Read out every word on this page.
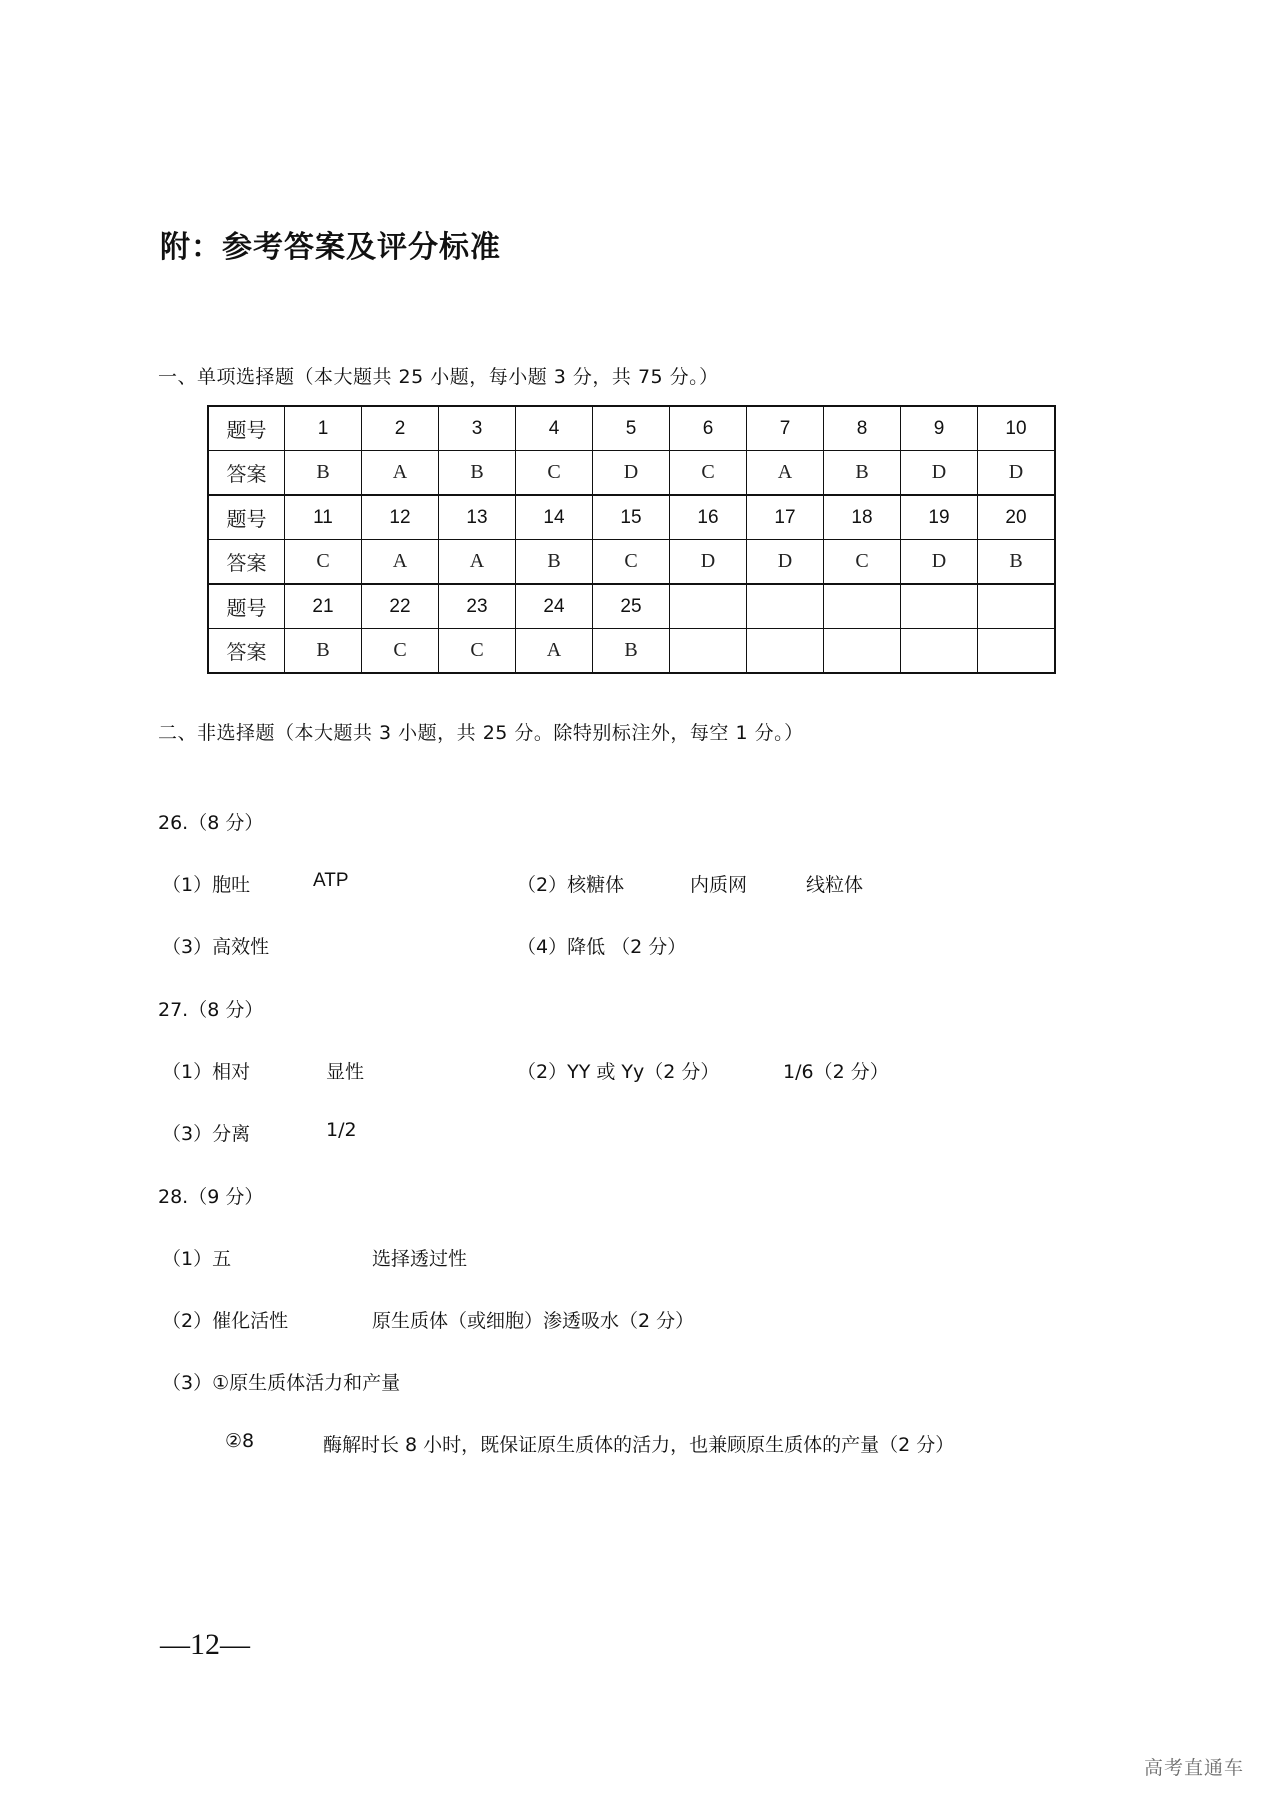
附：参考答案及评分标准
一、单项选择题（本大题共 25 小题，每小题 3 分，共 75 分。）
题号	1	2	3	4	5	6	7	8	9	10
答案	B	A	B	C	D	C	A	B	D	D
题号	11	12	13	14	15	16	17	18	19	20
答案	C	A	A	B	C	D	D	C	D	B
题号	21	22	23	24	25					
答案	B	C	C	A	B					
二、非选择题（本大题共 3 小题，共 25 分。除特别标注外，每空 1 分。）
26.（8 分）
（1）胞吐	ATP	（2）核糖体	内质网	线粒体
（3）高效性	（4）降低 （2 分）
27.（8 分）
（1）相对	显性	（2）YY 或 Yy（2 分）	1/6（2 分）
（3）分离	1/2
28.（9 分）
（1）五	选择透过性
（2）催化活性	原生质体（或细胞）渗透吸水（2 分）
（3）①原生质体活力和产量
②8	酶解时长 8 小时，既保证原生质体的活力，也兼顾原生质体的产量（2 分）
—12—
高考直通车
